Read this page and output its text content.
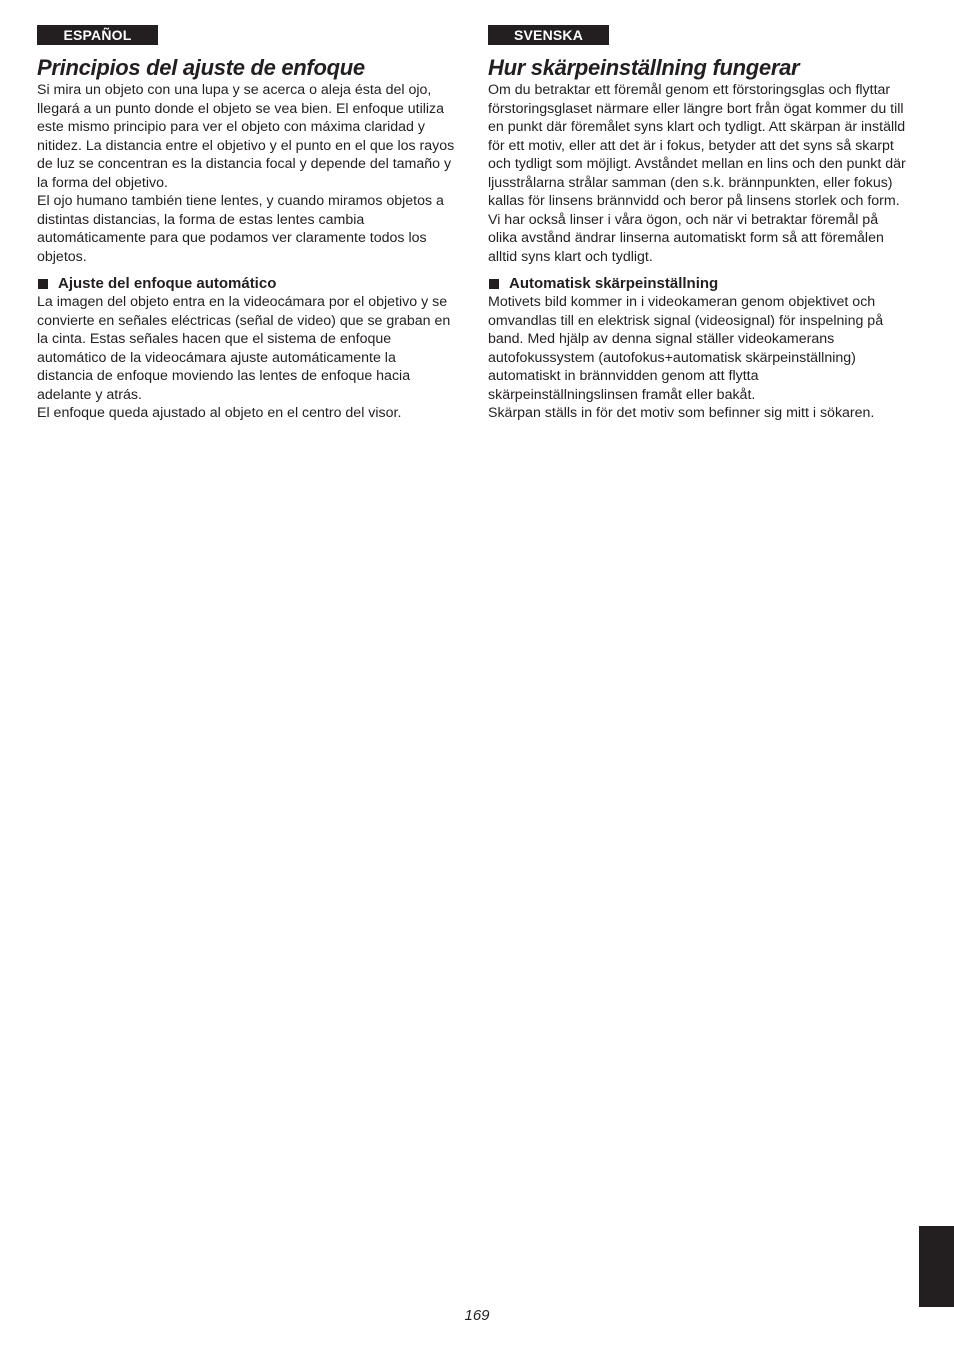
ESPAÑOL
Principios del ajuste de enfoque

Si mira un objeto con una lupa y se acerca o aleja ésta del ojo, llegará a un punto donde el objeto se vea bien. El enfoque utiliza este mismo principio para ver el objeto con máxima claridad y nitidez. La distancia entre el objetivo y el punto en el que los rayos de luz se concentran es la distancia focal y depende del tamaño y la forma del objetivo.

El ojo humano también tiene lentes, y cuando miramos objetos a distintas distancias, la forma de estas lentes cambia automáticamente para que podamos ver claramente todos los objetos.

Ajuste del enfoque automático

La imagen del objeto entra en la videocámara por el objetivo y se convierte en señales eléctricas (señal de video) que se graban en la cinta. Estas señales hacen que el sistema de enfoque automático de la videocámara ajuste automáticamente la distancia de enfoque moviendo las lentes de enfoque hacia adelante y atrás.

El enfoque queda ajustado al objeto en el centro del visor.

SVENSKA
Hur skärpeinställning fungerar

Om du betraktar ett föremål genom ett förstoringsglas och flyttar förstoringsglaset närmare eller längre bort från ögat kommer du till en punkt där föremålet syns klart och tydligt. Att skärpan är inställd för ett motiv, eller att det är i fokus, betyder att det syns så skarpt och tydligt som möjligt. Avståndet mellan en lins och den punkt där ljusstrålarna strålar samman (den s.k. brännpunkten, eller fokus) kallas för linsens brännvidd och beror på linsens storlek och form.

Vi har också linser i våra ögon, och när vi betraktar föremål på olika avstånd ändrar linserna automatiskt form så att föremålen alltid syns klart och tydligt.

Automatisk skärpeinställning

Motivets bild kommer in i videokameran genom objektivet och omvandlas till en elektrisk signal (videosignal) för inspelning på band. Med hjälp av denna signal ställer videokamerans autofokussystem (autofokus+automatisk skärpeinställning) automatiskt in brännvidden genom att flytta skärpeinställningslinsen framåt eller bakåt.

Skärpan ställs in för det motiv som befinner sig mitt i sökaren.

169
